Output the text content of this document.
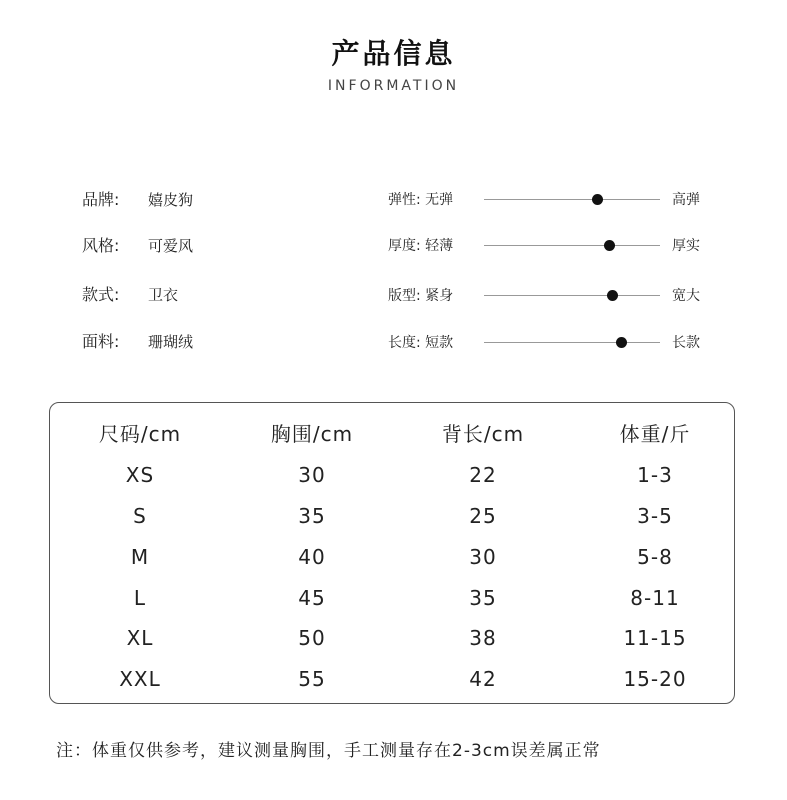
产品信息
INFORMATION
品牌: 嬉皮狗
风格: 可爱风
款式: 卫衣
面料: 珊瑚绒
弹性: 无弹	高弹
厚度: 轻薄	厚实
版型: 紧身	宽大
长度: 短款	长款
尺码/cm	胸围/cm	背长/cm	体重/斤
XS	30	22	1-3
S	35	25	3-5
M	40	30	5-8
L	45	35	8-11
XL	50	38	11-15
XXL	55	42	15-20
注：体重仅供参考，建议测量胸围，手工测量存在2-3cm误差属正常
